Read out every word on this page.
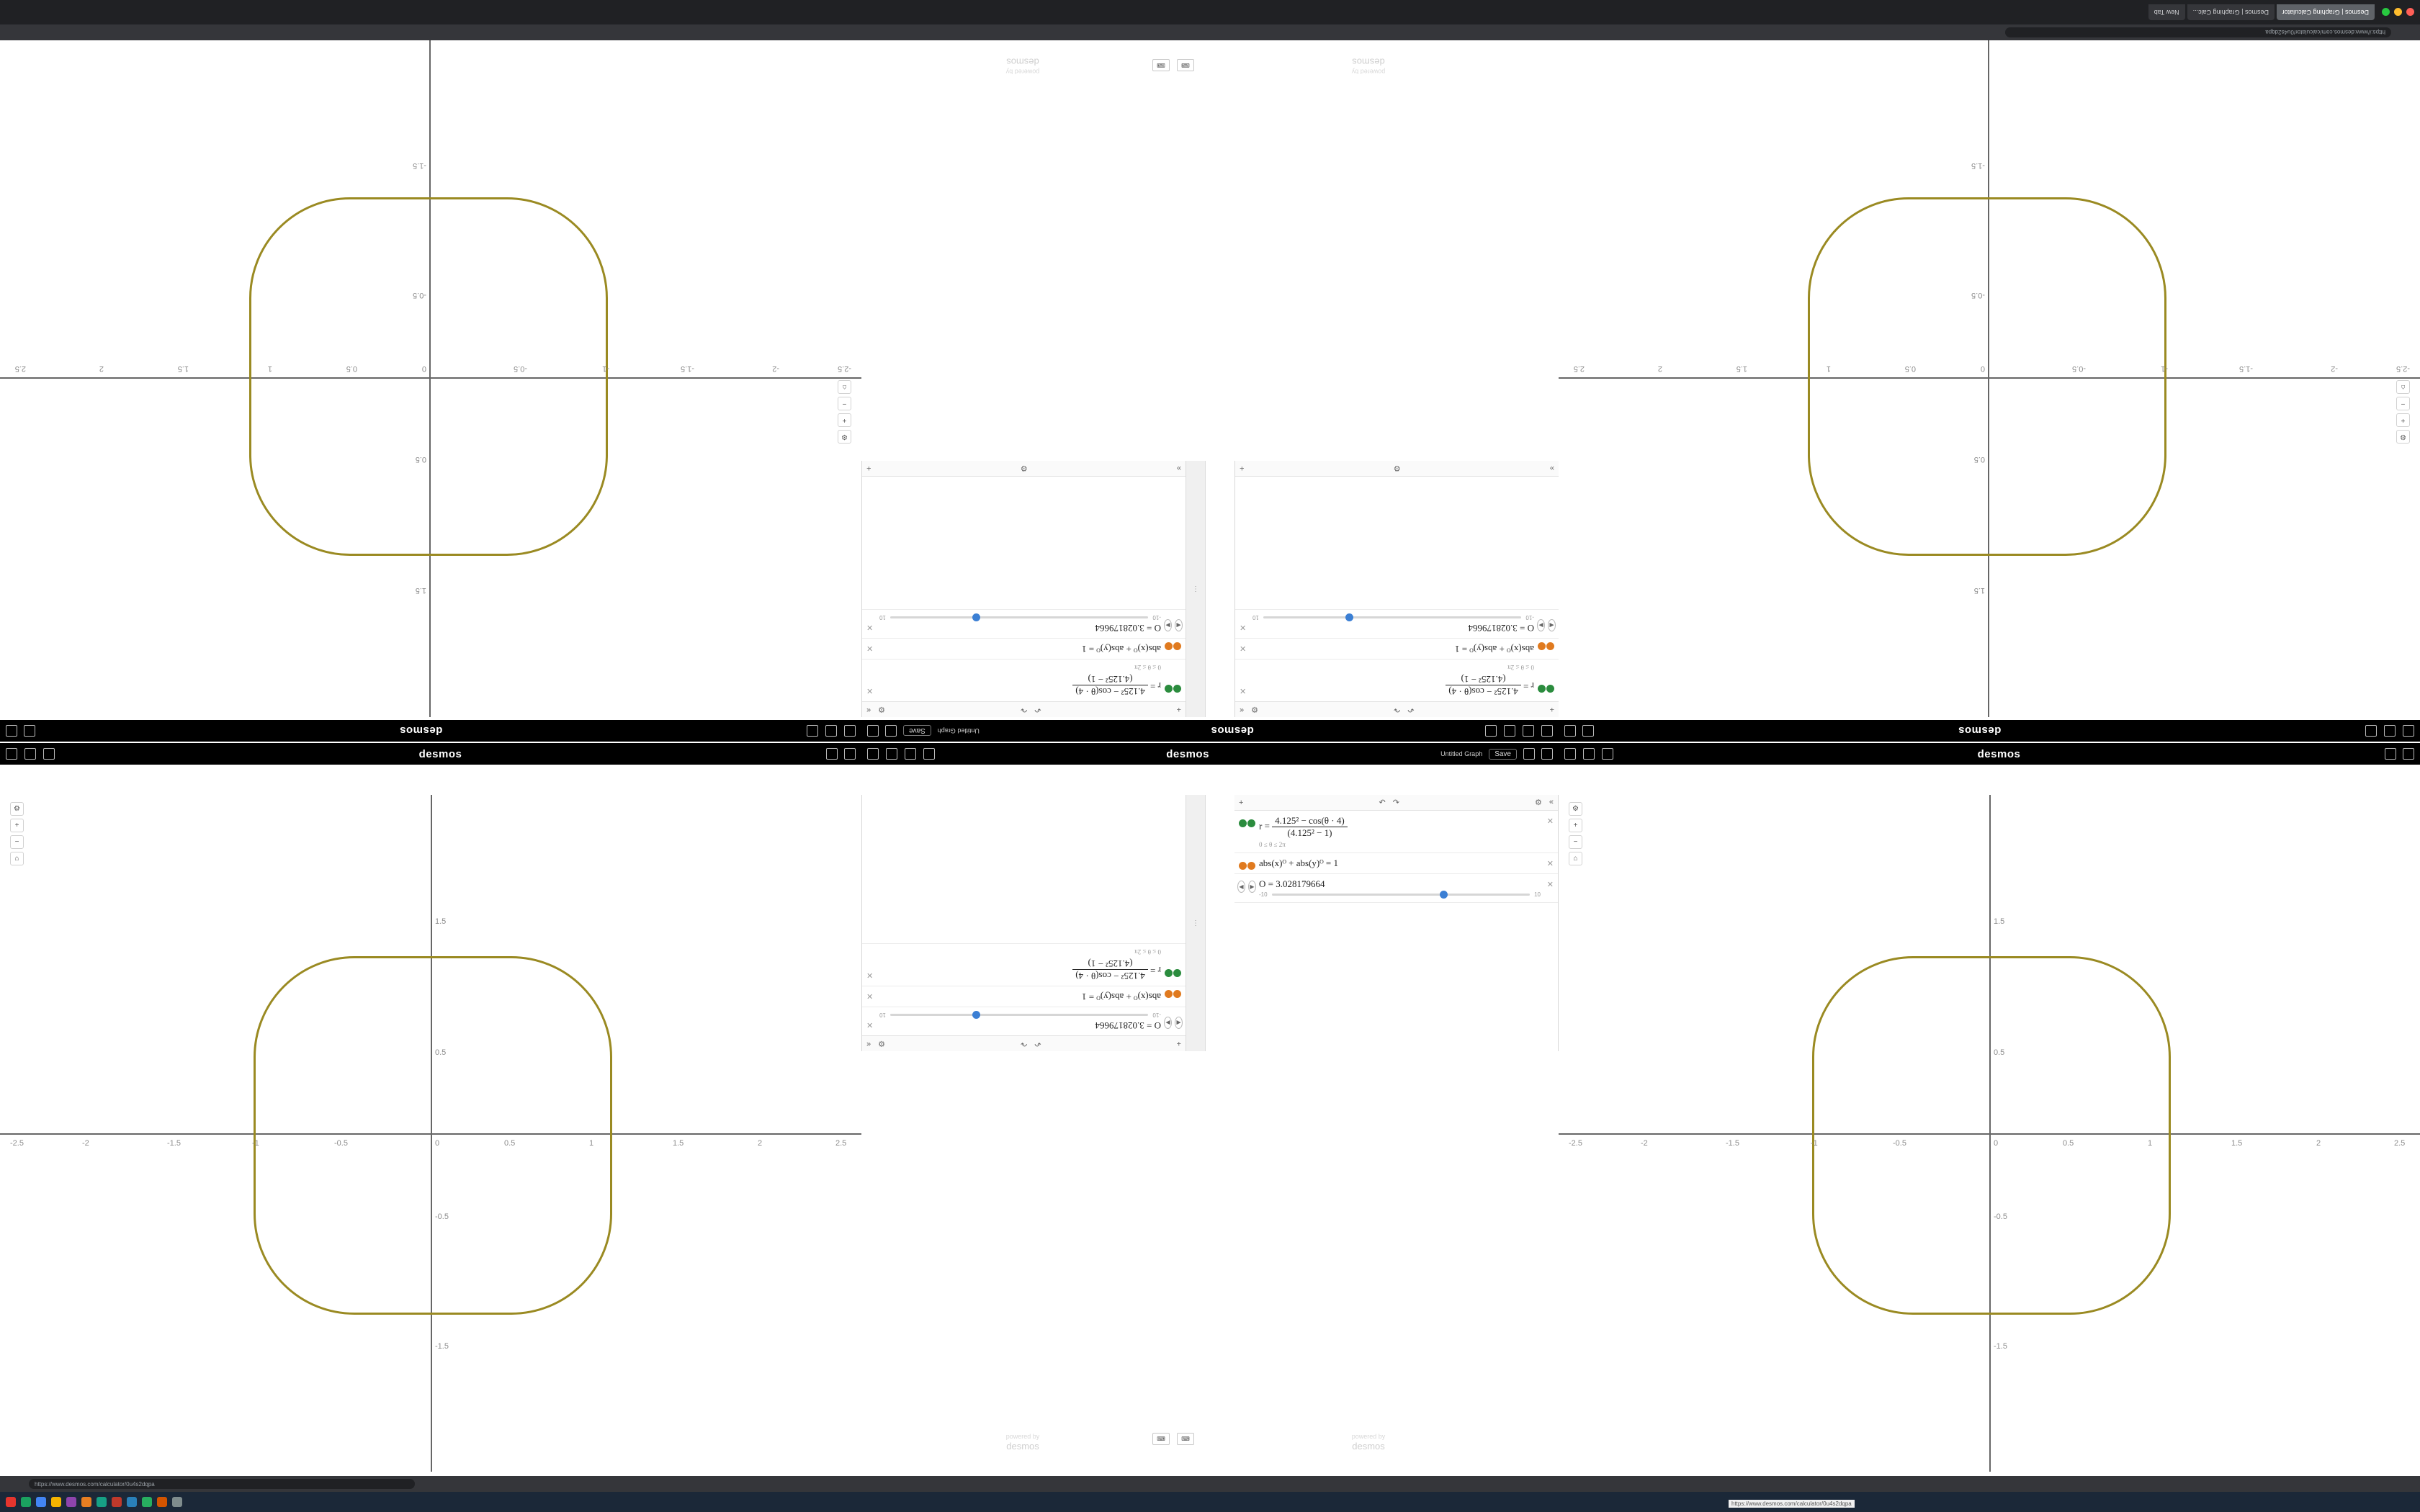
Desmos | Graphing Calculator
Desmos | Graphing Calc...
New Tab
https://www.desmos.com/calculator/0u4s2dqpa
https://www.desmos.com/calculator/0u4s2dqpa
https://www.desmos.com/calculator/0u4s2dqpa
-2.5
-2
-1.5
-1
-0.5
0
0.5
1
1.5
2
2.5
1.5
0.5
-0.5
-1.5
⚙
+
−
⌂
-2.5
-2
-1.5
-1
-0.5
0
0.5
1
1.5
2
2.5
1.5
0.5
-0.5
-1.5
⚙
+
−
⌂
-2.5	-2	-1.5	-1	-0.5	0	0.5	1	1.5	2	2.5
1.5
0.5
-0.5
-1.5
⚙
+
−
⌂
-2.5	-2	-1.5	-1	-0.5	0	0.5	1	1.5	2	2.5
1.5
0.5
-0.5
-1.5
⚙
+
−
⌂
+
↶
↷
⚙
«
✕	r =
4.125² − cos(θ · 4)
(4.125² − 1)
0 ≤ θ ≤ 2π
✕	abs(x)ᴼ + abs(y)ᴼ = 1
◀
▶
✕	O = 3.028179664
-10
10
»
⚙
+
+
↶
↷
⚙
«
✕	r =
4.125² − cos(θ · 4)
(4.125² − 1)
0 ≤ θ ≤ 2π
✕	abs(x)ᴼ + abs(y)ᴼ = 1
◀
▶
✕	O = 3.028179664
-10
10
»
⚙
+
+
↶
↷
⚙
«
◀
▶
✕	O = 3.028179664
-10
10
✕	abs(x)ᴼ + abs(y)ᴼ = 1
✕	r =
4.125² − cos(θ · 4)
(4.125² − 1)
0 ≤ θ ≤ 2π
+	↶ ↷	⚙ «
✕
$r = \frac{\text{4.125² − cos(θ · 4)}}{\text{(4.125² − 1)}}$
0 ≤ θ ≤ 2π
✕
abs(x)ᴼ + abs(y)ᴼ = 1
◀	▶	✕
O = 3.028179664
-10	10
⋮
⋮
desmos
Untitled Graph
Save
desmos	Untitled Graph	Save
desmos
desmos
desmos
desmos
powered by
desmos
powered by
desmos
powered by
desmos
powered by
desmos
⌨
⌨
⌨	⌨
